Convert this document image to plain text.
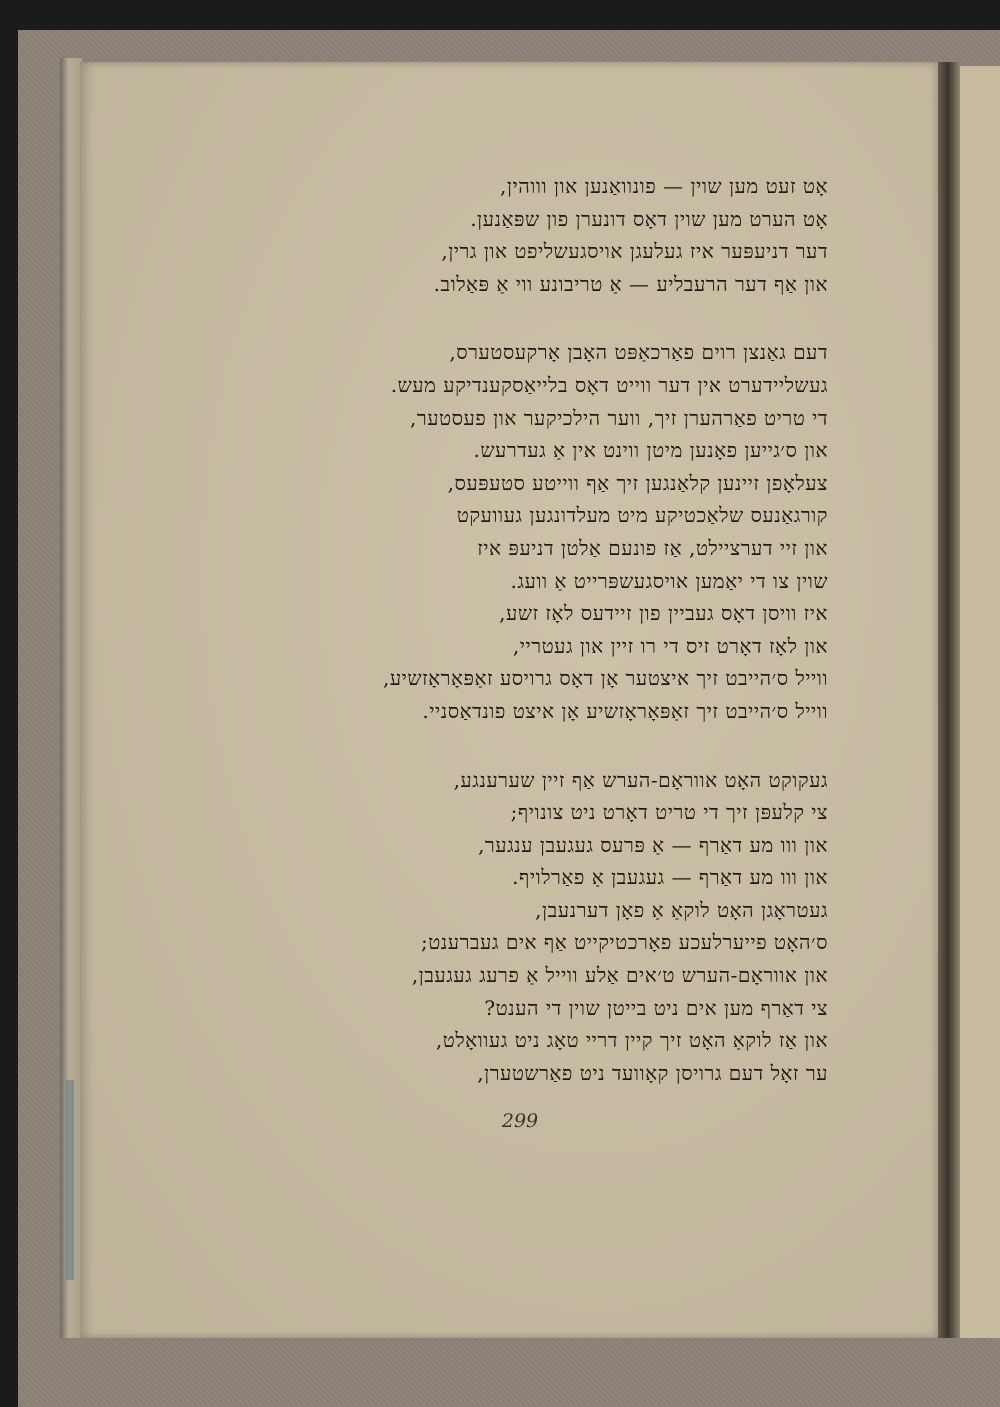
אָט זעט מען שוין — פונוואַנען און וווהין,
אָט הערט מען שוין דאָס דונערן פון שפּאַנען.
דער דניעפּער איז געלעגן אויסגעשליפט און גרין,
און אַף דער הרעבליע — אַ טריבונע ווי אַ פּאַלוב.
דעם גאַנצן רוים פאַרכאַפּט האָבן אָרקעסטערס,
געשליידערט אין דער ווייט דאָס בלייאַסקענדיקע מעש.
די טריט פאַרהערן זיך, ווער הילכיקער און פעסטער,
און ס׳גייען פאָנען מיטן ווינט אין אַ געדרעש.
צעלאָפן זיינען קלאַנגען זיך אַף ווייטע סטעפּעס,
קורגאַנעס שלאַכטיקע מיט מעלדונגען געוועקט
און זיי דערציילט, אַז פונעם אַלטן דניעפּ איז
שוין צו די יאַמען אויסגעשפּרייט אַ וועג.
איז וויסן דאָס געביין פון זיידעס לאָז זשע,
און לאָז דאָרט זיס די רו זיין און געטריי,
ווייל ס׳הייבט זיך איצטער אָן דאָס גרויסע זאַפּאָראָזשיע,
ווייל ס׳הייבט זיך זאַפּאָראָזשיע אָן איצט פונדאַסניי.
געקוקט האָט אווראָם-הערש אַף זיין שערענגע,
צי קלעפּן זיך די טריט דאָרט ניט צונויף;
און ווו מע דאַרף — אַ פּרעס געגעבן ענגער,
און ווו מע דאַרף — געגעבן אַ פאַרלויף.
געטראָגן האָט לוקאַ אַ פאָן דערנעבן,
ס׳האָט פייערלעכע פאָרכטיקייט אַף אים געברענט;
און אווראָם-הערש ט׳אים אַלע ווייל אַ פרעג געגעבן,
צי דאַרף מען אים ניט בייטן שוין די הענט?
און אַז לוקאַ האָט זיך קיין דריי טאָג ניט געוואָלט,
ער זאָל דעם גרויסן קאָוועד ניט פאַרשטערן,
299
